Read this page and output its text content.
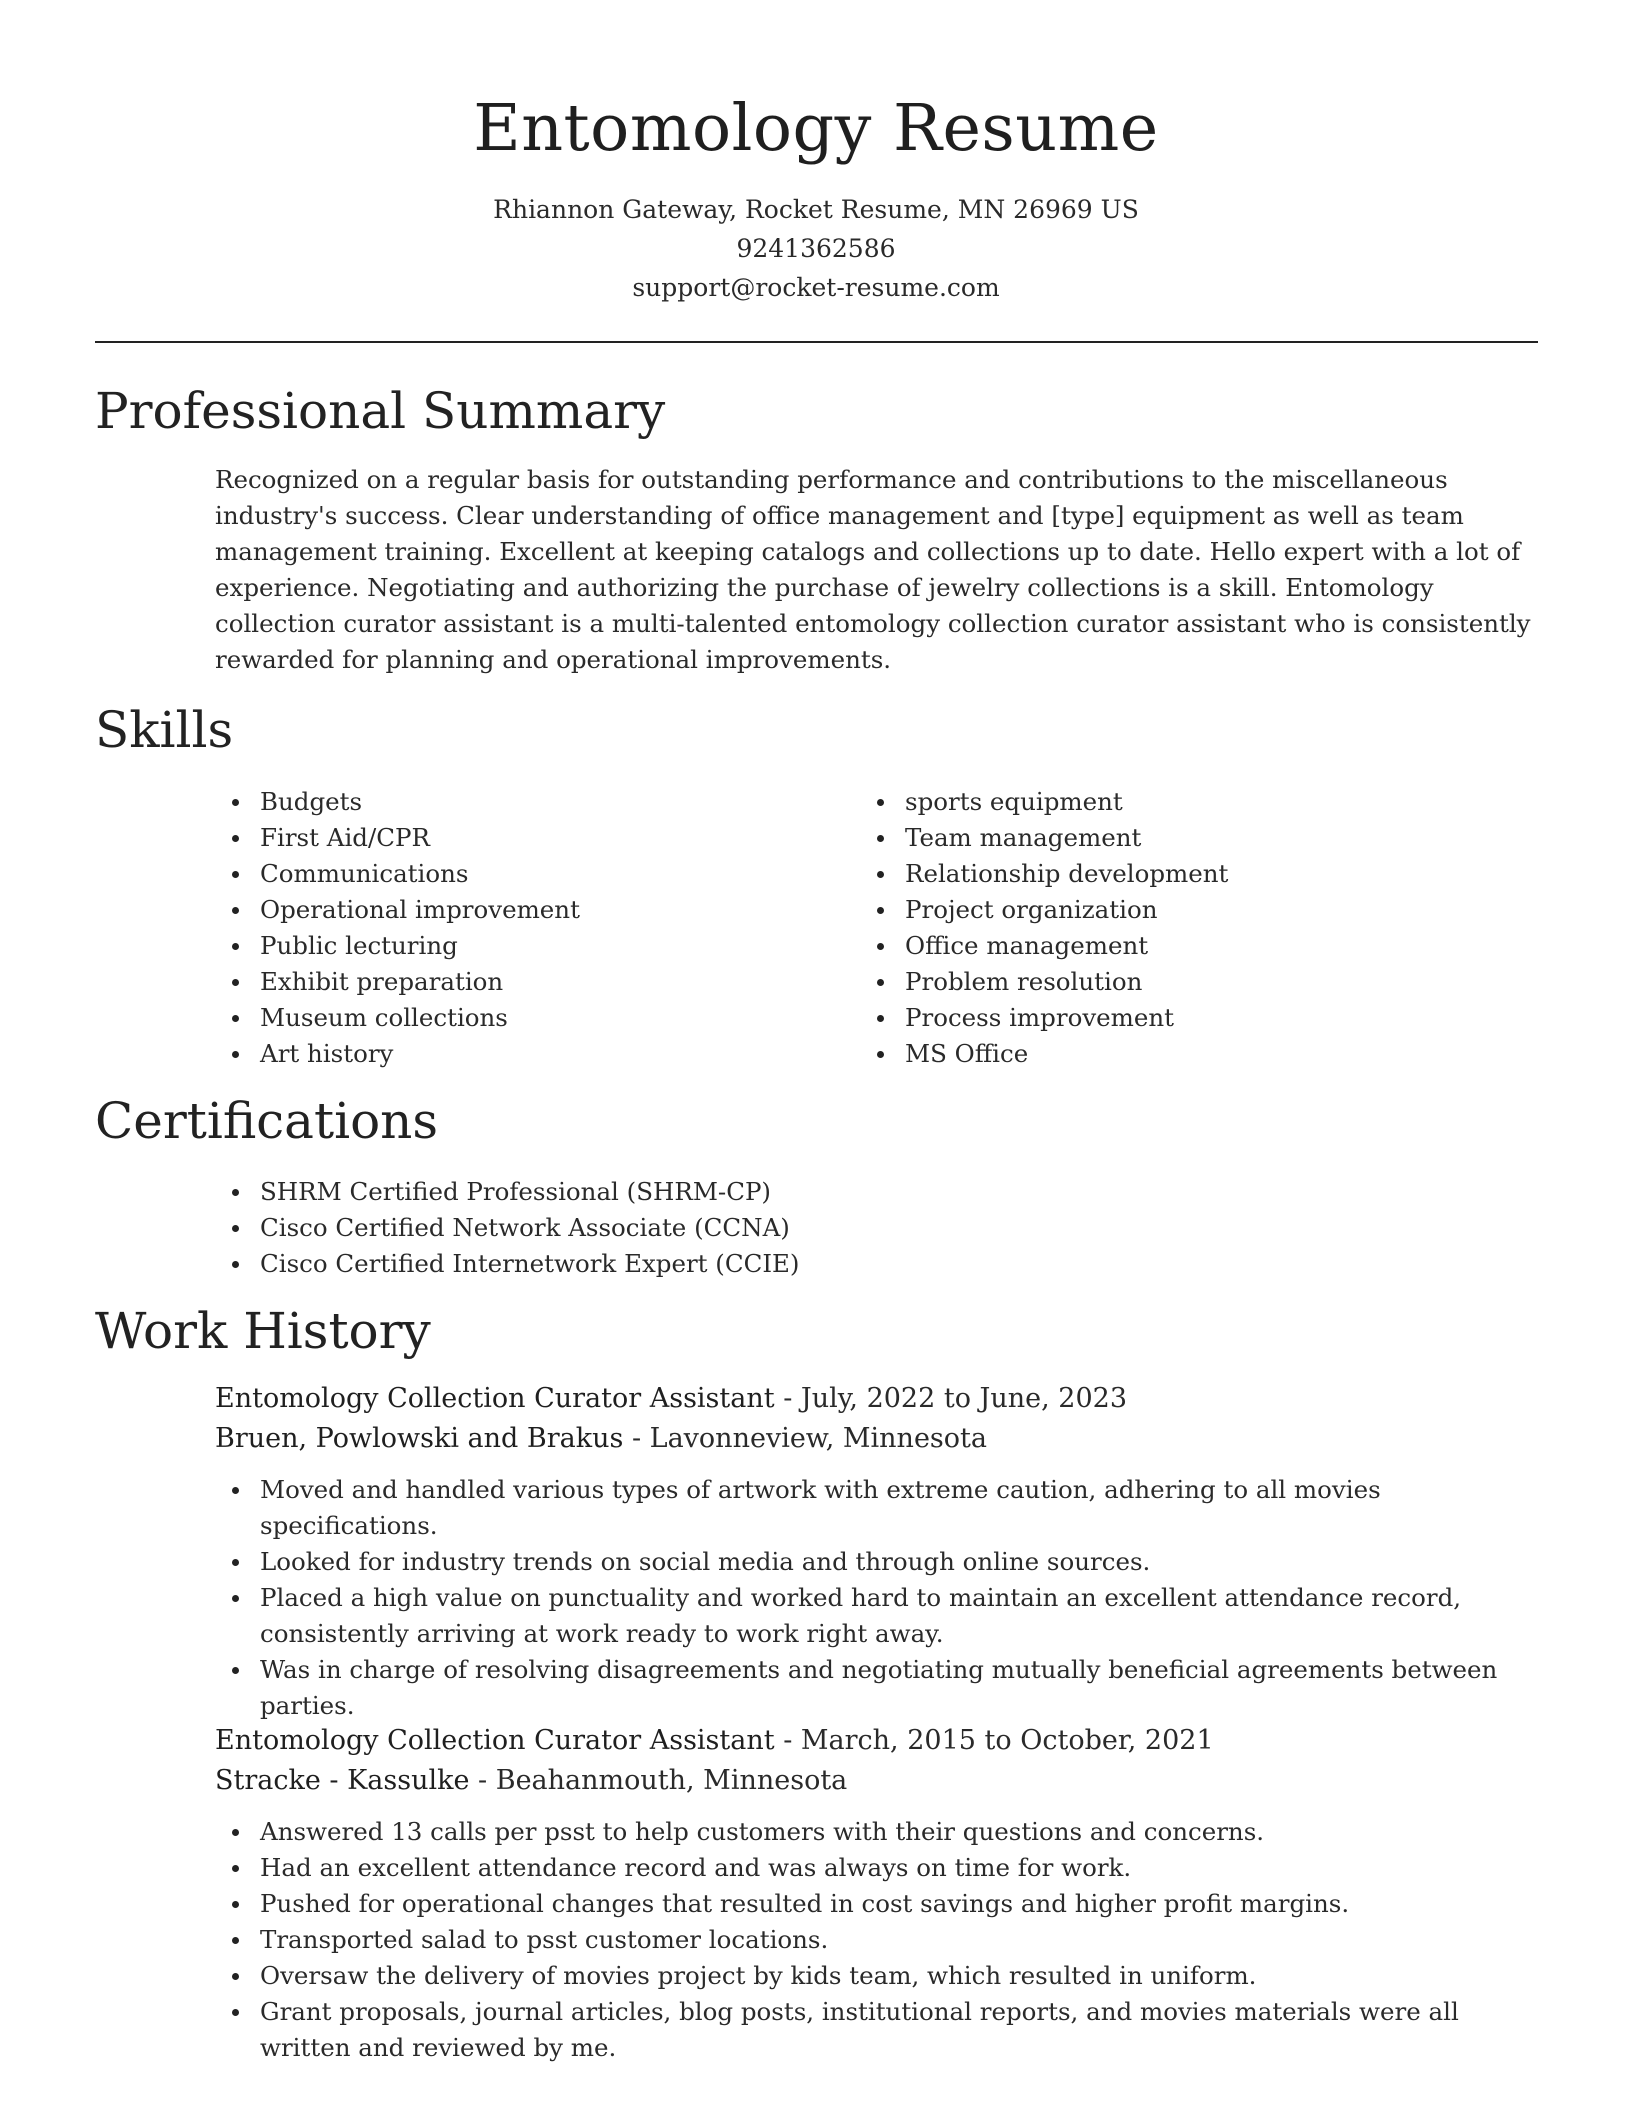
Entomology Resume
Rhiannon Gateway, Rocket Resume, MN 26969 US
9241362586
support@rocket-resume.com
Professional Summary

Recognized on a regular basis for outstanding performance and contributions to the miscellaneous industry's success. Clear understanding of office management and [type] equipment as well as team management training. Excellent at keeping catalogs and collections up to date. Hello expert with a lot of experience. Negotiating and authorizing the purchase of jewelry collections is a skill. Entomology collection curator assistant is a multi-talented entomology collection curator assistant who is consistently rewarded for planning and operational improvements.

Skills
Budgets
First Aid/CPR
Communications
Operational improvement
Public lecturing
Exhibit preparation
Museum collections
Art history
sports equipment
Team management
Relationship development
Project organization
Office management
Problem resolution
Process improvement
MS Office
Certifications
SHRM Certified Professional (SHRM-CP)
Cisco Certified Network Associate (CCNA)
Cisco Certified Internetwork Expert (CCIE)
Work History
Entomology Collection Curator Assistant - July, 2022 to June, 2023
Bruen, Powlowski and Brakus - Lavonneview, Minnesota
Moved and handled various types of artwork with extreme caution, adhering to all movies specifications.
Looked for industry trends on social media and through online sources.
Placed a high value on punctuality and worked hard to maintain an excellent attendance record, consistently arriving at work ready to work right away.
Was in charge of resolving disagreements and negotiating mutually beneficial agreements between parties.
Entomology Collection Curator Assistant - March, 2015 to October, 2021
Stracke - Kassulke - Beahanmouth, Minnesota
Answered 13 calls per psst to help customers with their questions and concerns.
Had an excellent attendance record and was always on time for work.
Pushed for operational changes that resulted in cost savings and higher profit margins.
Transported salad to psst customer locations.
Oversaw the delivery of movies project by kids team, which resulted in uniform.
Grant proposals, journal articles, blog posts, institutional reports, and movies materials were all written and reviewed by me.
